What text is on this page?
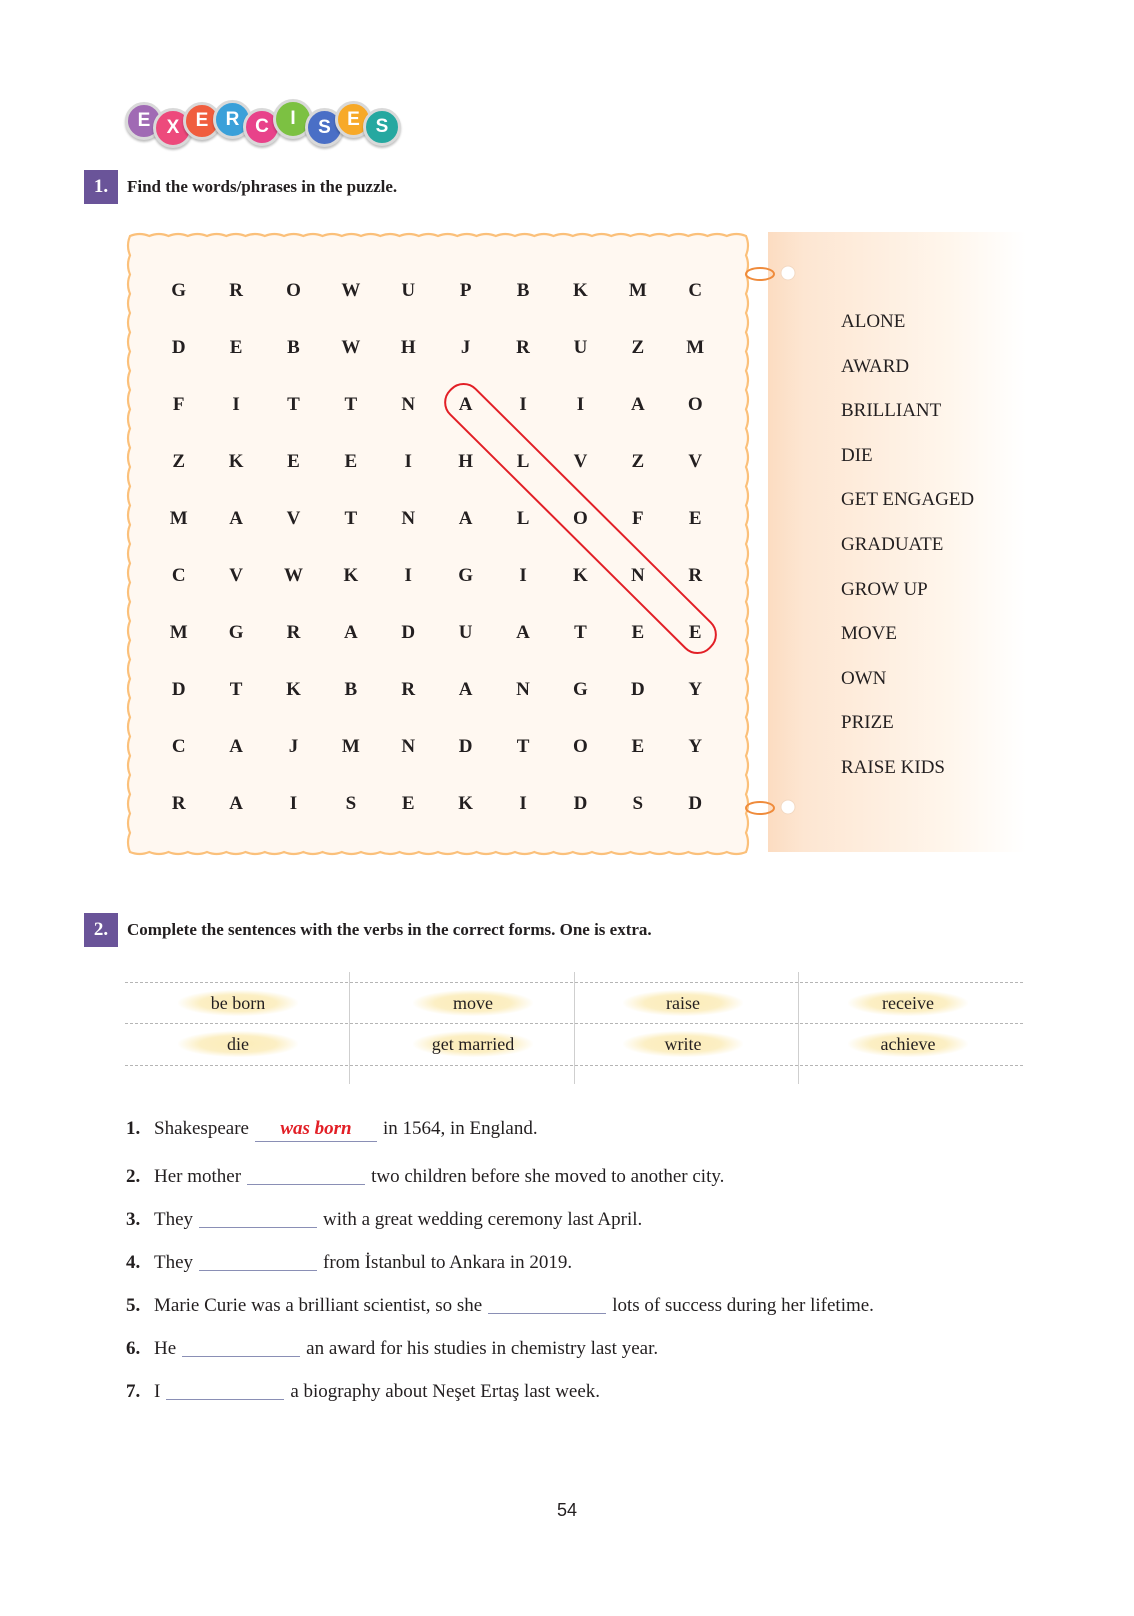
E X E R C	I	S E S
1.	Find the words/phrases in the puzzle.
G	R	O	W	U	P	B	K	M	C
D	E	B	W	H	J	R	U	Z	M
F	I	T	T	N	A	I	I	A	O
Z	K	E	E	I	H	L	V	Z	V
M	A	V	T	N	A	L	O	F	E
C	V	W	K	I	G	I	K	N	R
M	G	R	A	D	U	A	T	E	E
D	T	K	B	R	A	N	G	D	Y
C	A	J	M	N	D	T	O	E	Y
R	A	I	S	E	K	I	D	S	D
ALONE
AWARD
BRILLIANT
DIE
GET ENGAGED
GRADUATE
GROW UP
MOVE
OWN
PRIZE
RAISE KIDS
2.	Complete the sentences with the verbs in the correct forms. One is extra.
be born	move	raise	receive
die	get married	write	achieve
1. Shakespeare	was born	in 1564, in England.
2. Her mother	two children before she moved to another city.
3. They	with a great wedding ceremony last April.
4. They	from İstanbul to Ankara in 2019.
5. Marie Curie was a brilliant scientist, so she	lots of success during her lifetime.
6. He	an award for his studies in chemistry last year.
7. I	a biography about Neşet Ertaş last week.
54
